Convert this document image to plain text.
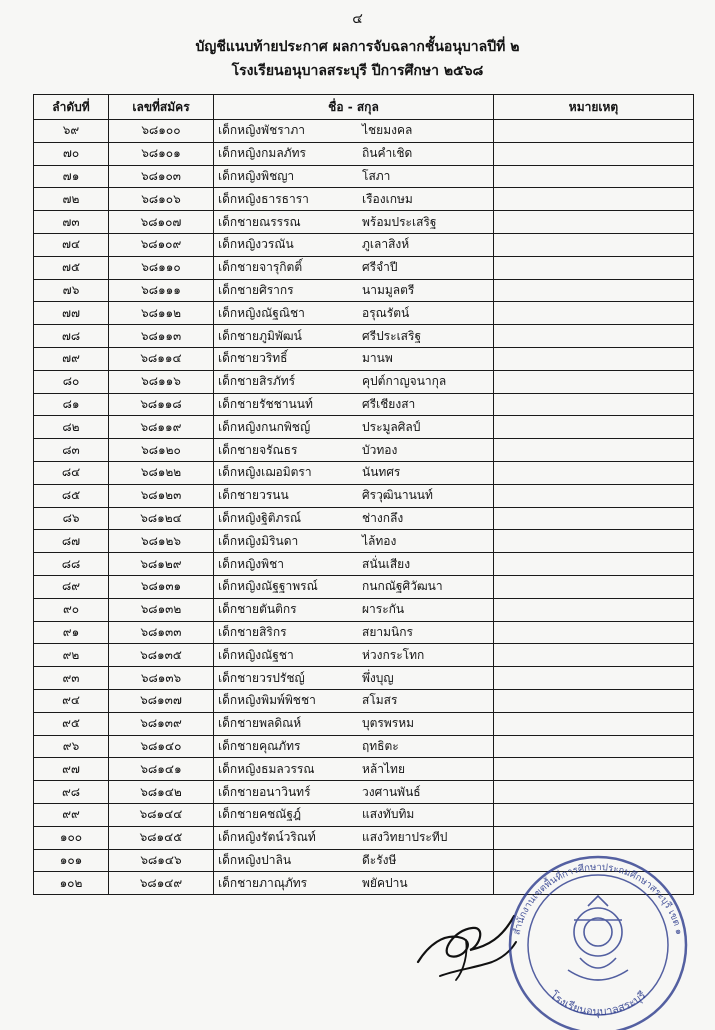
๔
บัญชีแนบท้ายประกาศ ผลการจับฉลากชั้นอนุบาลปีที่ ๒
โรงเรียนอนุบาลสระบุรี ปีการศึกษา ๒๕๖๘
ลำดับที่	เลขที่สมัคร	ชื่อ - สกุล	หมายเหตุ
๖๙	๖๘๑๐๐	เด็กหญิงพัชราภา ไชยมงคล	
๗๐	๖๘๑๐๑	เด็กหญิงกมลภัทร ถินคำเชิด	
๗๑	๖๘๑๐๓	เด็กหญิงพิชญา โสภา	
๗๒	๖๘๑๐๖	เด็กหญิงธารธารา เรืองเกษม	
๗๓	๖๘๑๐๗	เด็กชายณรรรณ พร้อมประเสริฐ	
๗๔	๖๘๑๐๙	เด็กหญิงวรณัน ภูเลาสิงห์	
๗๕	๖๘๑๑๐	เด็กชายจารุกิตติ์ ศรีจำปี	
๗๖	๖๘๑๑๑	เด็กชายศิรากร นามมูลตรี	
๗๗	๖๘๑๑๒	เด็กหญิงณัฐณิชา อรุณรัตน์	
๗๘	๖๘๑๑๓	เด็กชายภูมิพัฒน์ ศรีประเสริฐ	
๗๙	๖๘๑๑๔	เด็กชายวริทธิ์ มานพ	
๘๐	๖๘๑๑๖	เด็กชายสิรภัทร์ คุปต์กาญจนากุล	
๘๑	๖๘๑๑๘	เด็กชายรัชชานนท์ ศรีเชียงสา	
๘๒	๖๘๑๑๙	เด็กหญิงกนกพิชญ์ ประมูลศิลป์	
๘๓	๖๘๑๒๐	เด็กชายจรัณธร บัวทอง	
๘๔	๖๘๑๒๒	เด็กหญิงเฌอมิตรา นันทศร	
๘๕	๖๘๑๒๓	เด็กชายวรนน ศิรวุฒินานนท์	
๘๖	๖๘๑๒๔	เด็กหญิงฐิติภรณ์ ช่างกลึง	
๘๗	๖๘๑๒๖	เด็กหญิงมิรินดา ไล้ทอง	
๘๘	๖๘๑๒๙	เด็กหญิงพิชา สนั่นเสียง	
๘๙	๖๘๑๓๑	เด็กหญิงณัฐฐาพรณ์ กนกณัฐศิวัฒนา	
๙๐	๖๘๑๓๒	เด็กชายตันติกร ผาระกัน	
๙๑	๖๘๑๓๓	เด็กชายสิริกร สยามนิกร	
๙๒	๖๘๑๓๕	เด็กหญิงณัฐชา ห่วงกระโทก	
๙๓	๖๘๑๓๖	เด็กชายวรปรัชญ์ พึ่งบุญ	
๙๔	๖๘๑๓๗	เด็กหญิงพิมพ์พิชชา สโมสร	
๙๕	๖๘๑๓๙	เด็กชายพลดิณห์ บุตรพรหม	
๙๖	๖๘๑๔๐	เด็กชายคุณภัทร ฤทธิตะ	
๙๗	๖๘๑๔๑	เด็กหญิงธมลวรรณ หล้าไทย	
๙๘	๖๘๑๔๒	เด็กชายอนาวินทร์ วงศานพันธ์	
๙๙	๖๘๑๔๔	เด็กชายคชณัฐฎ์ แสงทับทิม	
๑๐๐	๖๘๑๔๕	เด็กหญิงรัตน์วริณท์ แสงวิทยาประทีป	
๑๐๑	๖๘๑๔๖	เด็กหญิงปาลิน ดีะรังษี	
๑๐๒	๖๘๑๔๙	เด็กชายภาณุภัทร พยัคปาน	
สำนักงานเขตพื้นที่การศึกษาประถมศึกษาสระบุรี เขต ๑
โรงเรียนอนุบาลสระบุรี
